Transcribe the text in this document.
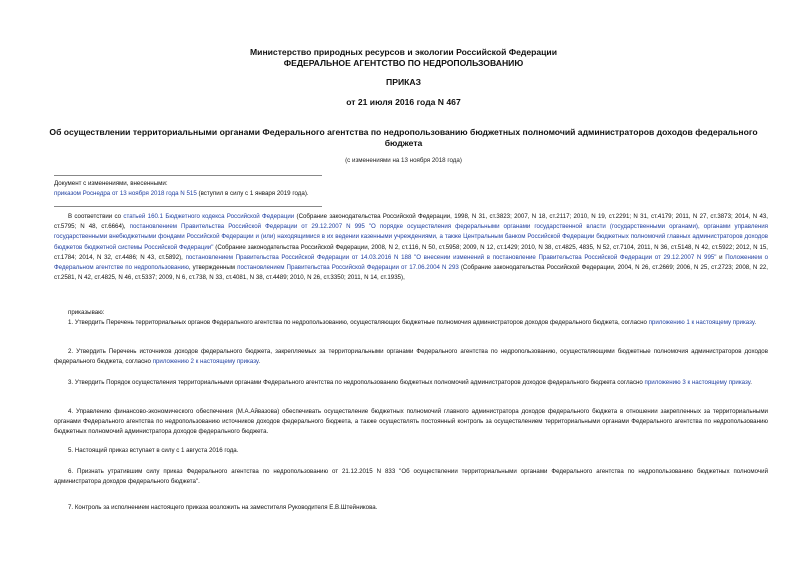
Министерство природных ресурсов и экологии Российской Федерации
ФЕДЕРАЛЬНОЕ АГЕНТСТВО ПО НЕДРОПОЛЬЗОВАНИЮ
ПРИКАЗ
от 21 июля 2016 года N 467
Об осуществлении территориальными органами Федерального агентства по недропользованию бюджетных полномочий администраторов доходов федерального бюджета
(с изменениями на 13 ноября 2018 года)
Документ с изменениями, внесенными:
приказом Роснедра от 13 ноября 2018 года N 515 (вступил в силу с 1 января 2019 года).
В соответствии со статьей 160.1 Бюджетного кодекса Российской Федерации (Собрание законодательства Российской Федерации, 1998, N 31, ст.3823; 2007, N 18, ст.2117; 2010, N 19, ст.2291; N 31, ст.4179; 2011, N 27, ст.3873; 2014, N 43, ст.5795; N 48, ст.6664), постановлением Правительства Российской Федерации от 29.12.2007 N 995 "О порядке осуществления федеральными органами государственной власти (государственными органами), органами управления государственными внебюджетными фондами Российской Федерации и (или) находящимися в их ведении казенными учреждениями, а также Центральным банком Российской Федерации бюджетных полномочий главных администраторов доходов бюджетов бюджетной системы Российской Федерации" (Собрание законодательства Российской Федерации, 2008, N 2, ст.116, N 50, ст.5958; 2009, N 12, ст.1429; 2010, N 38, ст.4825, 4835, N 52, ст.7104, 2011, N 36, ст.5148, N 42, ст.5922; 2012, N 15, ст.1784; 2014, N 32, ст.4486; N 43, ст.5892), постановлением Правительства Российской Федерации от 14.03.2016 N 188 "О внесении изменений в постановление Правительства Российской Федерации от 29.12.2007 N 995" и Положением о Федеральном агентстве по недропользованию, утвержденным постановлением Правительства Российской Федерации от 17.06.2004 N 293 (Собрание законодательства Российской Федерации, 2004, N 26, ст.2669; 2006, N 25, ст.2723; 2008, N 22, ст.2581, N 42, ст.4825, N 46, ст.5337; 2009, N 6, ст.738, N 33, ст.4081, N 38, ст.4489; 2010, N 26, ст.3350; 2011, N 14, ст.1935),
приказываю:
1. Утвердить Перечень территориальных органов Федерального агентства по недропользованию, осуществляющих бюджетные полномочия администраторов доходов федерального бюджета, согласно приложению 1 к настоящему приказу.
2. Утвердить Перечень источников доходов федерального бюджета, закрепляемых за территориальными органами Федерального агентства по недропользованию, осуществляющими бюджетные полномочия администраторов доходов федерального бюджета, согласно приложению 2 к настоящему приказу.
3. Утвердить Порядок осуществления территориальными органами Федерального агентства по недропользованию бюджетных полномочий администраторов доходов федерального бюджета согласно приложению 3 к настоящему приказу.
4. Управлению финансово-экономического обеспечения (М.А.Айвазова) обеспечивать осуществление бюджетных полномочий главного администратора доходов федерального бюджета в отношении закрепленных за территориальными органами Федерального агентства по недропользованию источников доходов федерального бюджета, а также осуществлять постоянный контроль за осуществлением территориальными органами Федерального агентства по недропользованию бюджетных полномочий администратора доходов федерального бюджета.
5. Настоящий приказ вступает в силу с 1 августа 2016 года.
6. Признать утратившим силу приказ Федерального агентства по недропользованию от 21.12.2015 N 833 "Об осуществлении территориальными органами Федерального агентства по недропользованию бюджетных полномочий администратора доходов федерального бюджета".
7. Контроль за исполнением настоящего приказа возложить на заместителя Руководителя Е.В.Штейникова.
